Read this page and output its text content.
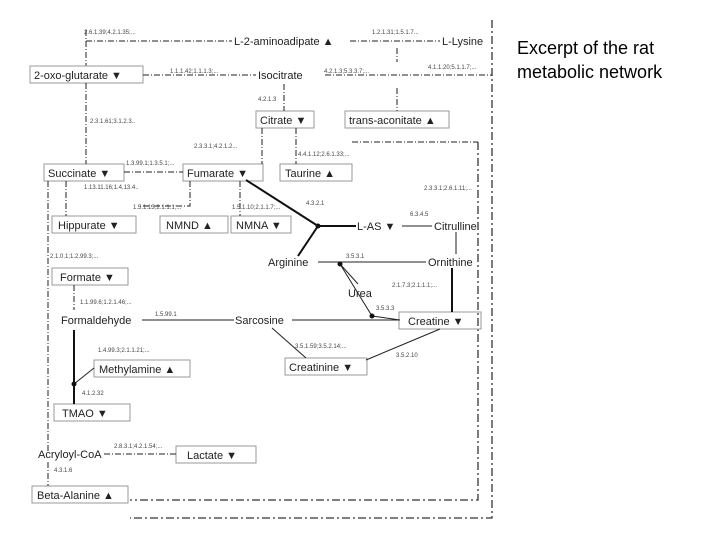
Excerpt of the rat metabolic network
L-2-aminoadipate ▲	L-Lysine
2-oxo-glutarate ▼	Isocitrate
Citrate ▼	trans-aconitate ▲
Succinate ▼	Fumarate ▼	Taurine ▲
Hippurate ▼	NMND ▲ NMNA ▼	L-AS ▼	Citrulline
Arginine	Ornithine
Formate ▼
Urea
Formaldehyde	Sarcosine	Creatine ▼
Methylamine ▲	Creatinine ▼
TMAO ▼
Acryloyl-CoA	Lactate ▼
Beta-Alanine ▲
2.6.1.39;4.2.1.35;...	1.2.1.31;1.5.1.7...
1.1.1.42;1.1.1.3;...	4.2.1.3;5.3.3.7;...
4.1.1.20;5.1.1.7;...
4.2.1.3
2.3.1.61;3.1.2.3..
2.3.3.1;4.2.1.2...
4.4.1.12;2.6.1.33;...
1.3.99.1;1.3.5.1;...
1.13.11.16;1.4.13.4..	2.3.3.1;2.6.1.11;...
1.5.1.13;2.1.1.1;...	1.5.1.10;2.1.1.7;...
4.3.2.1
6.3.4.5
2.1.0.1;1.2.99.3;...	3.5.3.1
2.1.7.3;2.1.1.1;...
1.1.99.6;1.2.1.46;...
3.5.3.3
1.5.99.1
1.4.99.3;2.1.1.21;...
3.5.1.59;3.5.2.14;...
3.5.2.10
4.1.2.32
2.8.3.1;4.2.1.54;...
4.3.1.6
